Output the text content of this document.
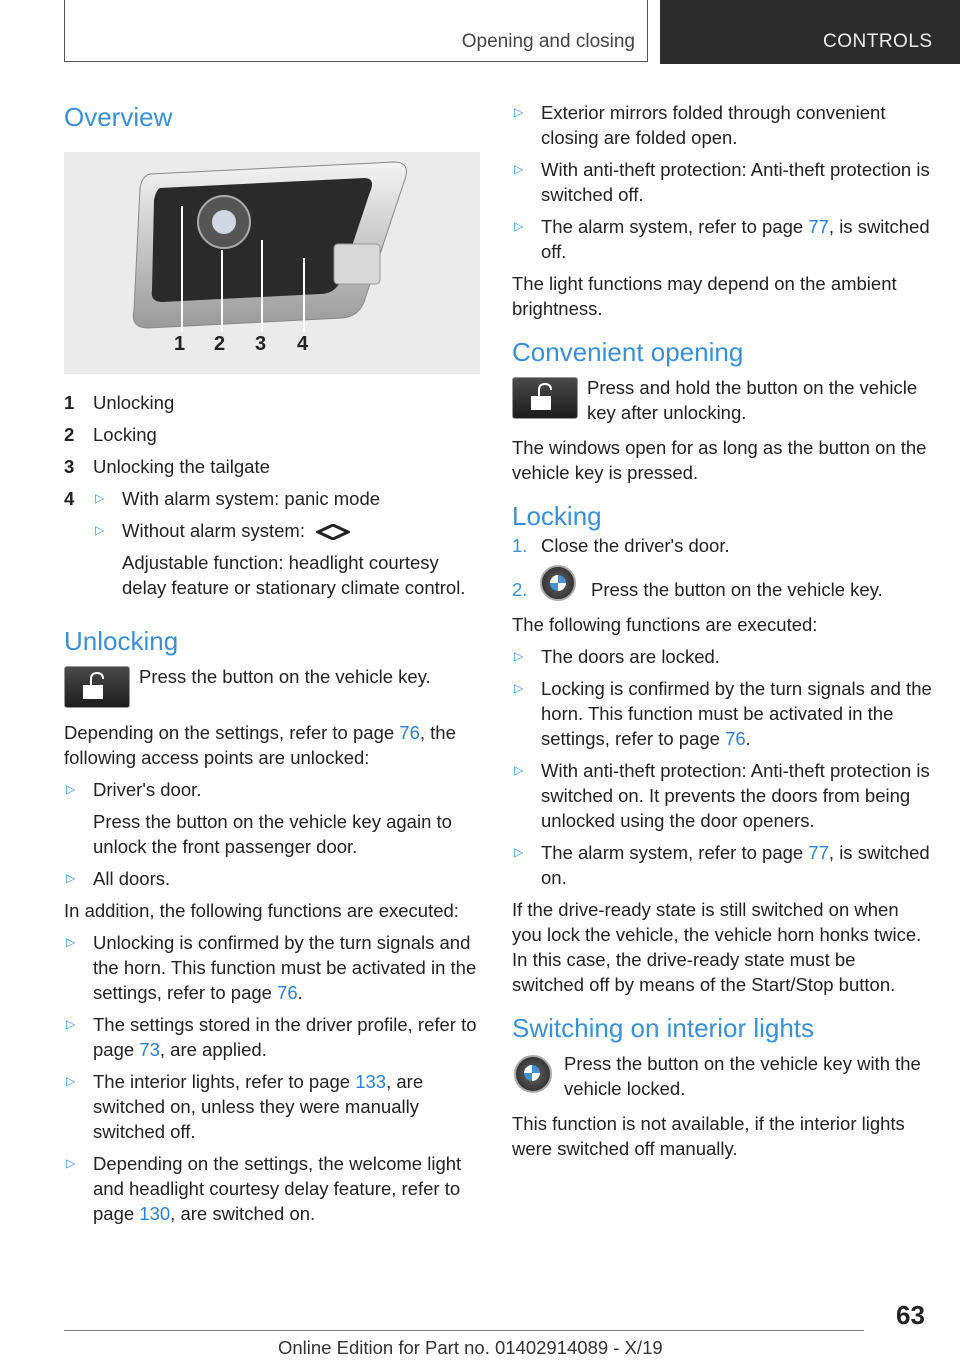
Opening and closing	CONTROLS
Overview
1 2 3 4
1 Unlocking
2 Locking
3 Unlocking the tailgate
4 ▷ With alarm system: panic mode
▷ Without alarm system:
Adjustable function: headlight courtesy delay feature or stationary climate control.
Unlocking
Press the button on the vehicle key.

Depending on the settings, refer to page 76, the following access points are unlocked:

▷ Driver's door.
Press the button on the vehicle key again to unlock the front passenger door.
▷ All doors.

In addition, the following functions are executed:

▷ Unlocking is confirmed by the turn signals and the horn. This function must be activated in the settings, refer to page 76.
▷ The settings stored in the driver profile, refer to page 73, are applied.
▷ The interior lights, refer to page 133, are switched on, unless they were manually switched off.
▷ Depending on the settings, the welcome light and headlight courtesy delay feature, refer to page 130, are switched on.
▷ Exterior mirrors folded through convenient closing are folded open.
▷ With anti-theft protection: Anti-theft protection is switched off.
▷ The alarm system, refer to page 77, is switched off.

The light functions may depend on the ambient brightness.

Convenient opening
Press and hold the button on the vehicle key after unlocking.

The windows open for as long as the button on the vehicle key is pressed.

Locking
1. Close the driver's door.
2.	Press the button on the vehicle key.

The following functions are executed:

▷ The doors are locked.
▷ Locking is confirmed by the turn signals and the horn. This function must be activated in the settings, refer to page 76.
▷ With anti-theft protection: Anti-theft protection is switched on. It prevents the doors from being unlocked using the door openers.
▷ The alarm system, refer to page 77, is switched on.

If the drive-ready state is still switched on when you lock the vehicle, the vehicle horn honks twice. In this case, the drive-ready state must be switched off by means of the Start/Stop button.

Switching on interior lights
Press the button on the vehicle key with the vehicle locked.

This function is not available, if the interior lights were switched off manually.

63
Online Edition for Part no. 01402914089 - X/19
